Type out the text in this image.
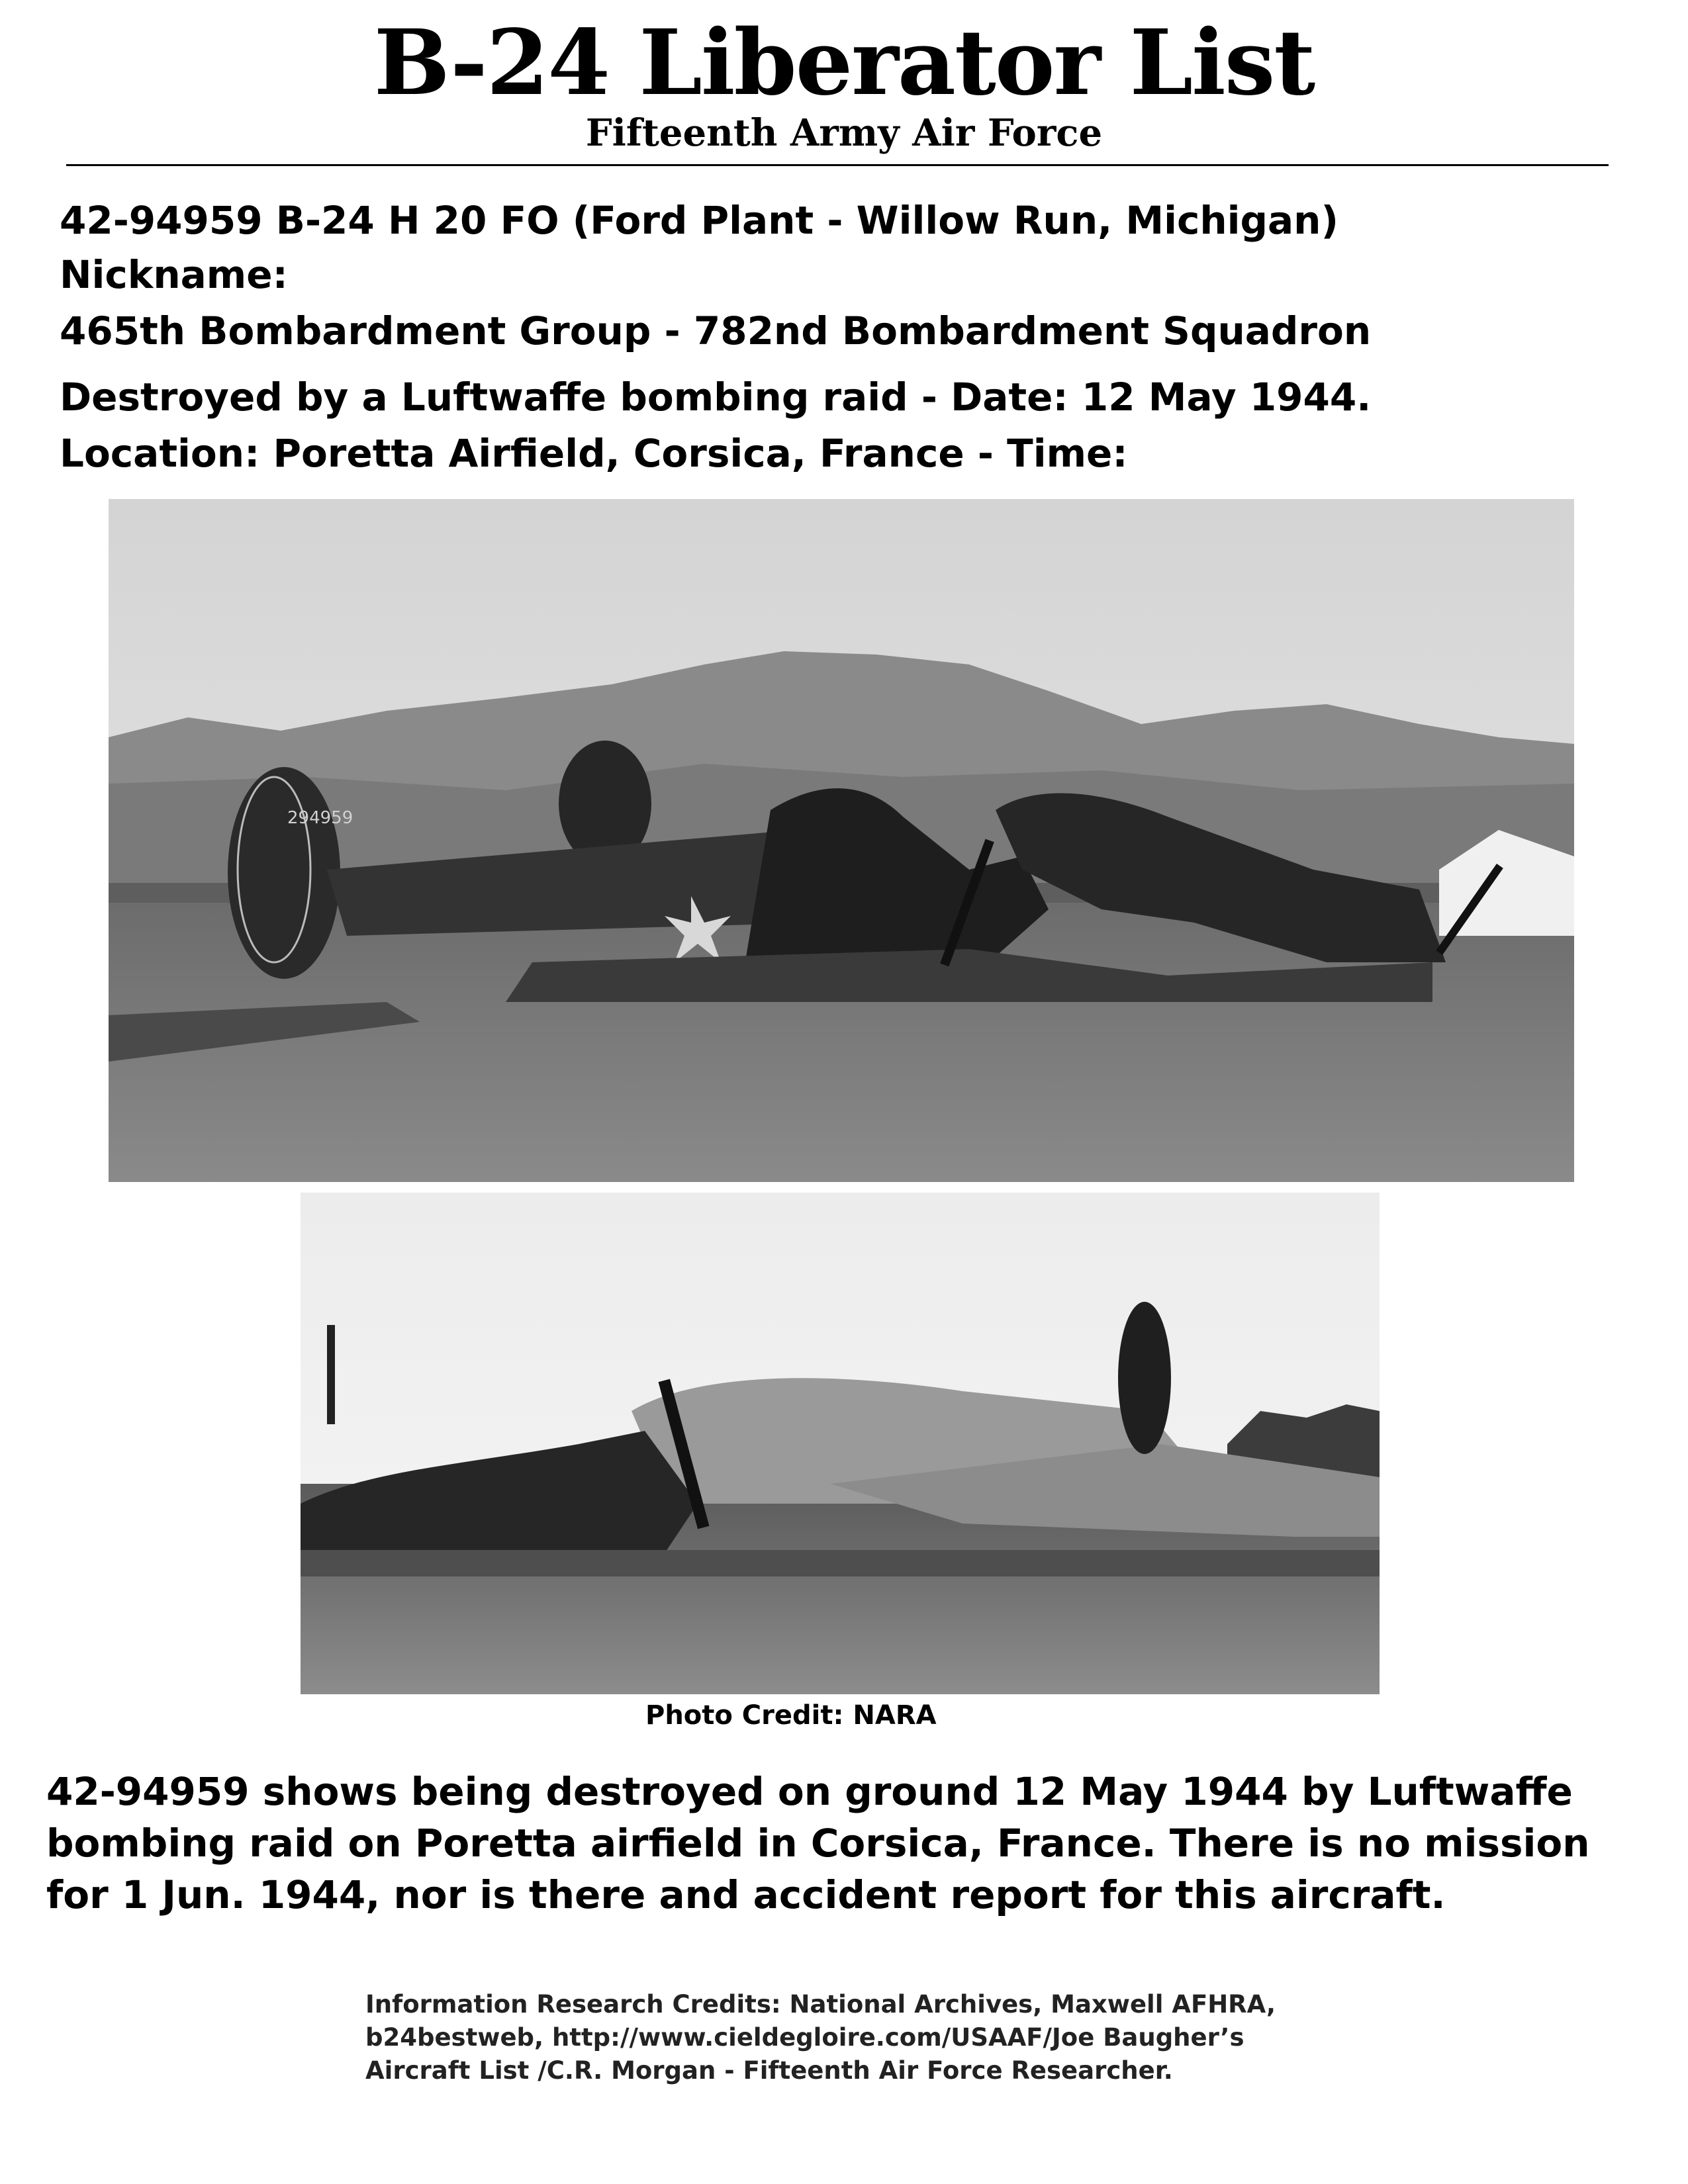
B-24 Liberator List
Fifteenth Army Air Force
42-94959 B-24 H 20 FO (Ford Plant - Willow Run, Michigan)
Nickname:
465th Bombardment Group - 782nd Bombardment Squadron
Destroyed by a Luftwaffe bombing raid - Date: 12 May 1944.
Location: Poretta Airfield, Corsica, France - Time:
294959
Photo Credit: NARA
42-94959 shows being destroyed on ground 12 May 1944 by Luftwaffe
bombing raid on Poretta airfield in Corsica, France. There is no mission
for 1 Jun. 1944, nor is there and accident report for this aircraft.
Information Research Credits: National Archives, Maxwell AFHRA,
b24bestweb, http://www.cieldegloire.com/USAAF/Joe Baugher’s
Aircraft List /C.R. Morgan - Fifteenth Air Force Researcher.
